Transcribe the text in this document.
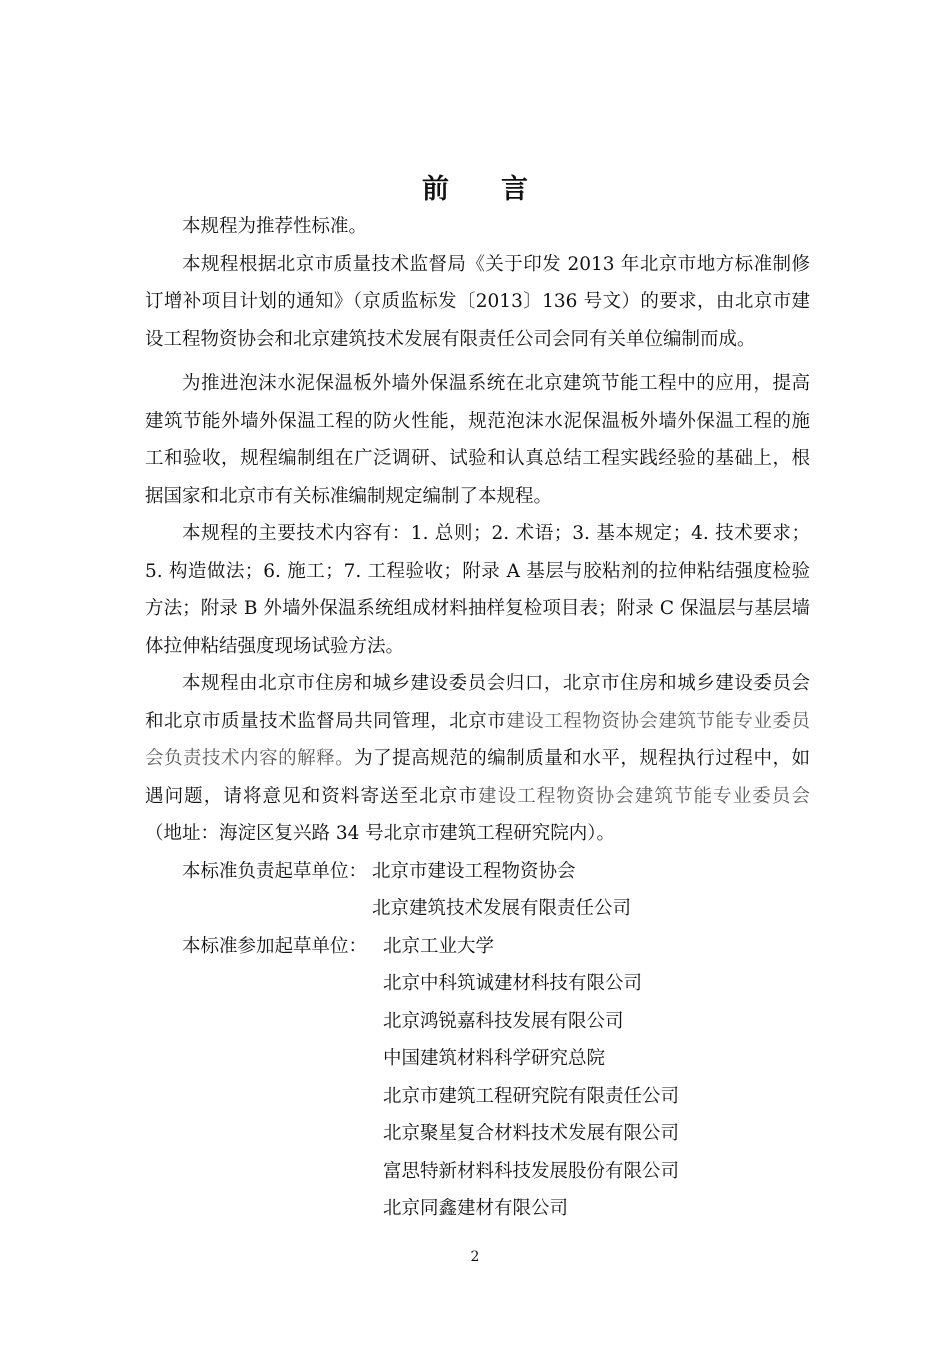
前言

本规程为推荐性标准。

本规程根据北京市质量技术监督局《关于印发 2013 年北京市地方标准制修订增补项目计划的通知》（京质监标发〔2013〕136 号文）的要求，由北京市建设工程物资协会和北京建筑技术发展有限责任公司会同有关单位编制而成。

为推进泡沫水泥保温板外墙外保温系统在北京建筑节能工程中的应用，提高建筑节能外墙外保温工程的防火性能，规范泡沫水泥保温板外墙外保温工程的施工和验收，规程编制组在广泛调研、试验和认真总结工程实践经验的基础上，根据国家和北京市有关标准编制规定编制了本规程。

本规程的主要技术内容有：1. 总则；2. 术语；3. 基本规定；4. 技术要求；5. 构造做法；6. 施工；7. 工程验收；附录 A 基层与胶粘剂的拉伸粘结强度检验方法；附录 B 外墙外保温系统组成材料抽样复检项目表；附录 C 保温层与基层墙体拉伸粘结强度现场试验方法。

本规程由北京市住房和城乡建设委员会归口，北京市住房和城乡建设委员会和北京市质量技术监督局共同管理，北京市建设工程物资协会建筑节能专业委员会负责技术内容的解释。为了提高规范的编制质量和水平，规程执行过程中，如遇问题，请将意见和资料寄送至北京市建设工程物资协会建筑节能专业委员会（地址：海淀区复兴路 34 号北京市建筑工程研究院内）。

本标准负责起草单位： 北京市建设工程物资协会
北京建筑技术发展有限责任公司
本标准参加起草单位： 北京工业大学
北京中科筑诚建材科技有限公司
北京鸿锐嘉科技发展有限公司
中国建筑材料科学研究总院
北京市建筑工程研究院有限责任公司
北京聚星复合材料技术发展有限公司
富思特新材料科技发展股份有限公司
北京同鑫建材有限公司
2
